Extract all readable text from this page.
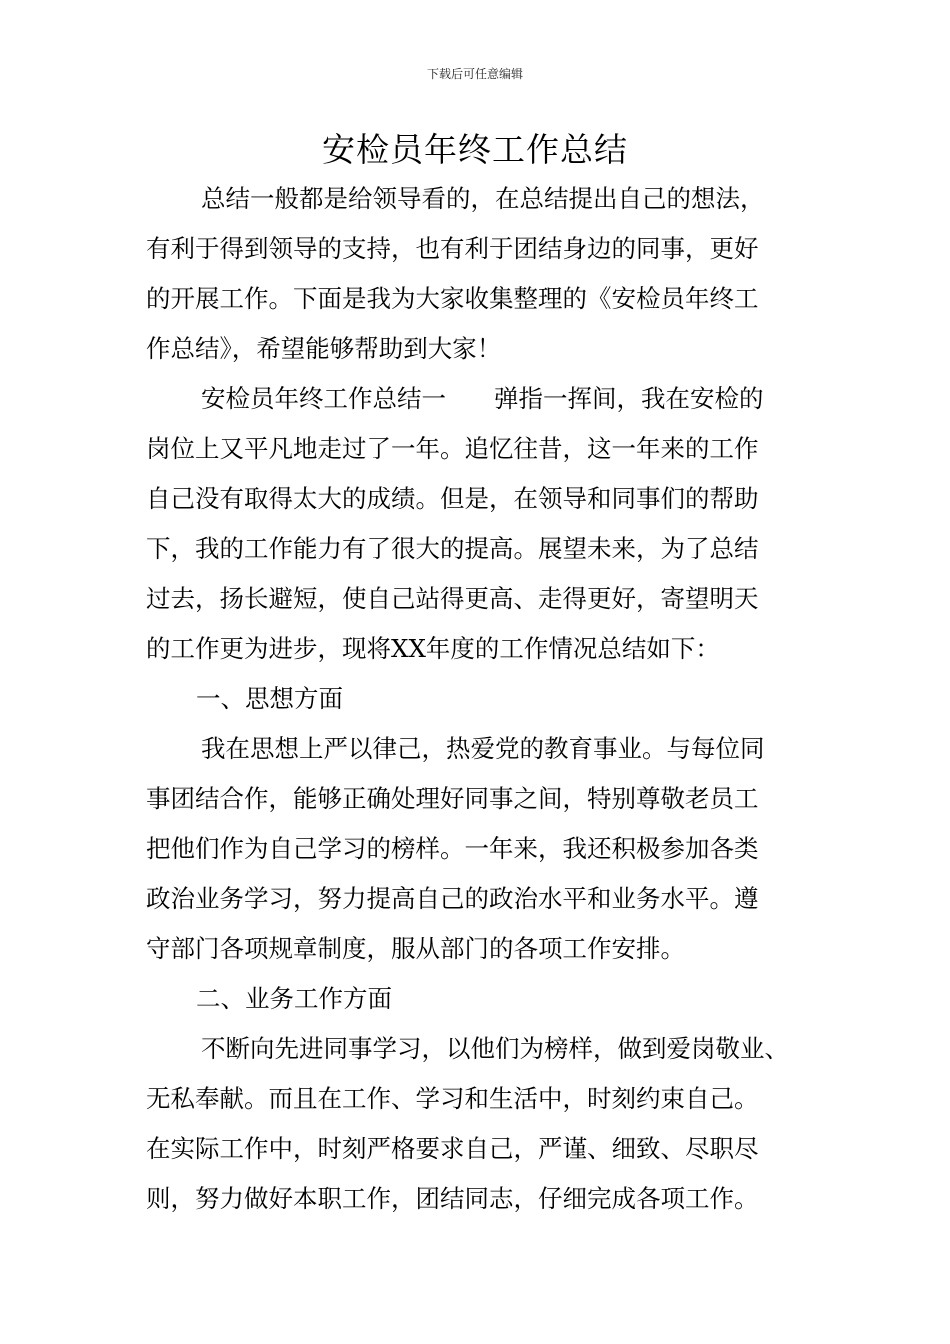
下载后可任意编辑
安检员年终工作总结
总结一般都是给领导看的，在总结提出自己的想法，
有利于得到领导的支持，也有利于团结身边的同事，更好
的开展工作。下面是我为大家收集整理的《安检员年终工
作总结》，希望能够帮助到大家！
安检员年终工作总结一 弹指一挥间，我在安检的
岗位上又平凡地走过了一年。追忆往昔，这一年来的工作
自己没有取得太大的成绩。但是，在领导和同事们的帮助
下，我的工作能力有了很大的提高。展望未来，为了总结
过去，扬长避短，使自己站得更高、走得更好，寄望明天
的工作更为进步，现将XX年度的工作情况总结如下：
一、思想方面
我在思想上严以律己，热爱党的教育事业。与每位同
事团结合作，能够正确处理好同事之间，特别尊敬老员工
把他们作为自己学习的榜样。一年来，我还积极参加各类
政治业务学习，努力提高自己的政治水平和业务水平。遵
守部门各项规章制度，服从部门的各项工作安排。
二、业务工作方面
不断向先进同事学习，以他们为榜样，做到爱岗敬业、
无私奉献。而且在工作、学习和生活中，时刻约束自己。
在实际工作中，时刻严格要求自己，严谨、细致、尽职尽
则，努力做好本职工作，团结同志，仔细完成各项工作。
